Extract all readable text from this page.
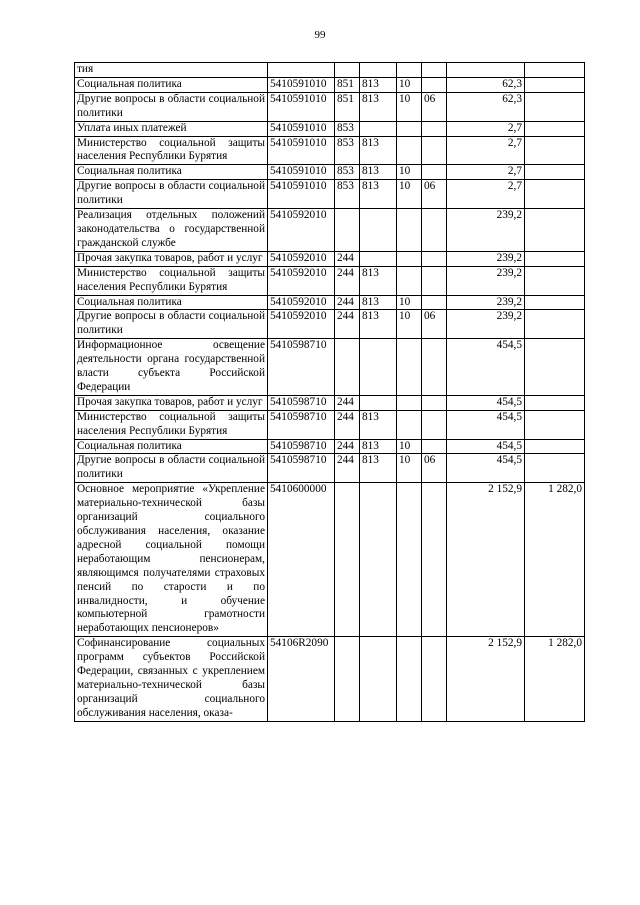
99
тия							
Социальная политика	5410591010	851	813	10		62,3	
Другие вопросы в области социальной политики	5410591010	851	813	10	06	62,3	
Уплата иных платежей	5410591010	853				2,7	
Министерство социальной защиты населения Республики Бурятия	5410591010	853	813			2,7	
Социальная политика	5410591010	853	813	10		2,7	
Другие вопросы в области социальной политики	5410591010	853	813	10	06	2,7	
Реализация отдельных положений законодательства о государственной гражданской службе	5410592010					239,2	
Прочая закупка товаров, работ и услуг	5410592010	244				239,2	
Министерство социальной защиты населения Республики Бурятия	5410592010	244	813			239,2	
Социальная политика	5410592010	244	813	10		239,2	
Другие вопросы в области социальной политики	5410592010	244	813	10	06	239,2	
Информационное освещение деятельности органа государственной власти субъекта Российской Федерации	5410598710					454,5	
Прочая закупка товаров, работ и услуг	5410598710	244				454,5	
Министерство социальной защиты населения Республики Бурятия	5410598710	244	813			454,5	
Социальная политика	5410598710	244	813	10		454,5	
Другие вопросы в области социальной политики	5410598710	244	813	10	06	454,5	
Основное мероприятие «Укрепление материально-технической базы организаций социального обслуживания населения, оказание адресной социальной помощи неработающим пенсионерам, являющимся получателями страховых пенсий по старости и по инвалидности, и обучение компьютерной грамотности неработающих пенсионеров»	5410600000					2 152,9	1 282,0
Софинансирование социальных программ субъектов Российской Федерации, связанных с укреплением материально-технической базы организаций социального обслуживания населения, оказа-	54106R2090					2 152,9	1 282,0
